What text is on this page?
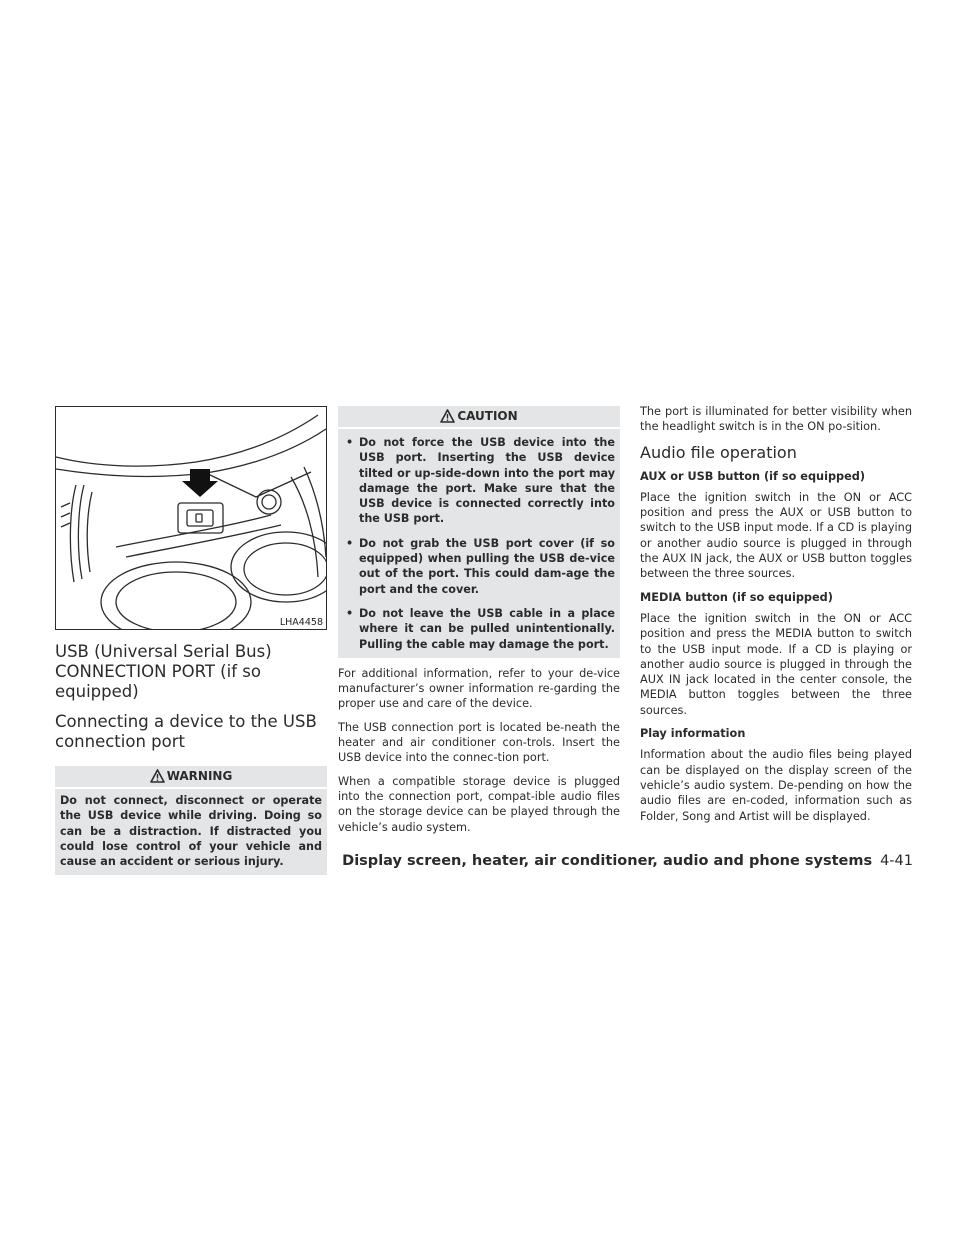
LHA4458
USB (Universal Serial Bus) CONNECTION PORT (if so equipped)
Connecting a device to the USB connection port
WARNING
Do not connect, disconnect or operate the USB device while driving. Doing so can be a distraction. If distracted you could lose control of your vehicle and cause an accident or serious injury.
CAUTION
• Do not force the USB device into the USB port. Inserting the USB device tilted or up-side-down into the port may damage the port. Make sure that the USB device is connected correctly into the USB port.
• Do not grab the USB port cover (if so equipped) when pulling the USB de-vice out of the port. This could dam-age the port and the cover.
• Do not leave the USB cable in a place where it can be pulled unintentionally. Pulling the cable may damage the port.

For additional information, refer to your de-vice manufacturer’s owner information re-garding the proper use and care of the device.

The USB connection port is located be-neath the heater and air conditioner con-trols. Insert the USB device into the connec-tion port.

When a compatible storage device is plugged into the connection port, compat-ible audio files on the storage device can be played through the vehicle’s audio system.

The port is illuminated for better visibility when the headlight switch is in the ON po-sition.

Audio file operation

AUX or USB button (if so equipped)

Place the ignition switch in the ON or ACC position and press the AUX or USB button to switch to the USB input mode. If a CD is playing or another audio source is plugged in through the AUX IN jack, the AUX or USB button toggles between the three sources.

MEDIA button (if so equipped)

Place the ignition switch in the ON or ACC position and press the MEDIA button to switch to the USB input mode. If a CD is playing or another audio source is plugged in through the AUX IN jack located in the center console, the MEDIA button toggles between the three sources.

Play information

Information about the audio files being played can be displayed on the display screen of the vehicle’s audio system. De-pending on how the audio files are en-coded, information such as Folder, Song and Artist will be displayed.

Display screen, heater, air conditioner, audio and phone systems 4-41
